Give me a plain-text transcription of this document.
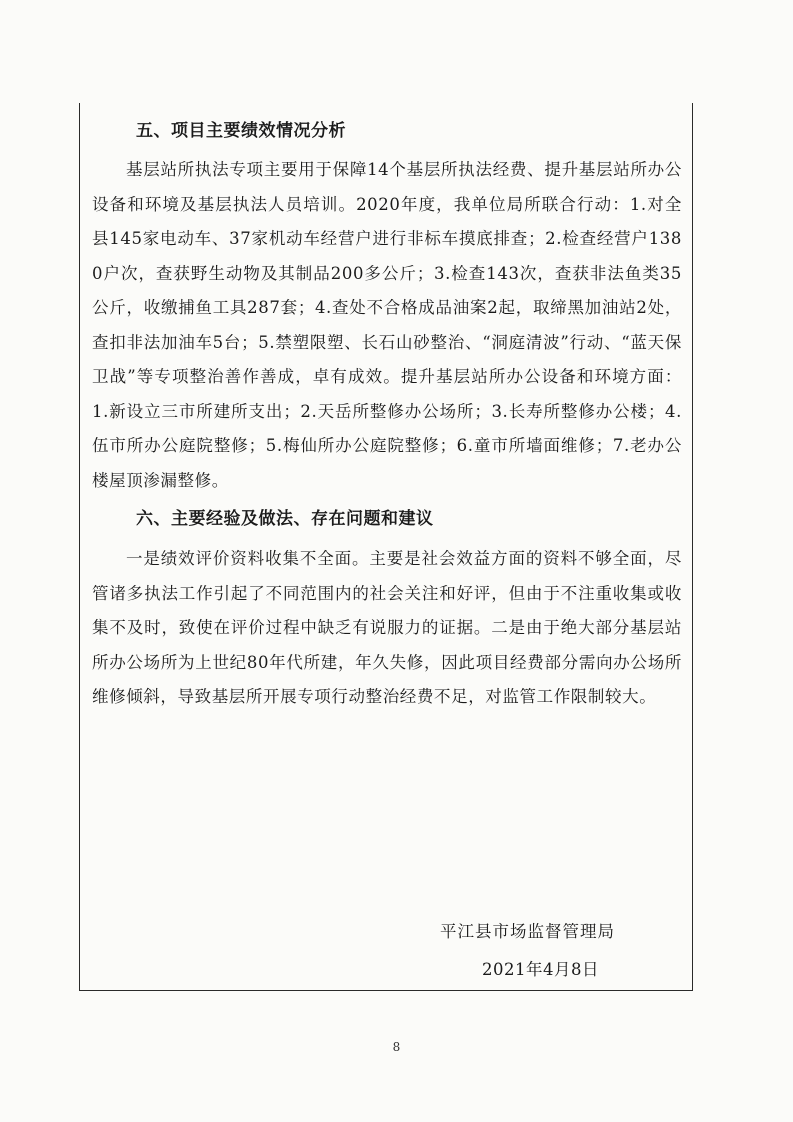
五、项目主要绩效情况分析

基层站所执法专项主要用于保障14个基层所执法经费、提升基层站所办公设备和环境及基层执法人员培训。2020年度，我单位局所联合行动：1.对全县145家电动车、37家机动车经营户进行非标车摸底排查；2.检查经营户1380户次，查获野生动物及其制品200多公斤；3.检查143次，查获非法鱼类35公斤，收缴捕鱼工具287套；4.查处不合格成品油案2起，取缔黑加油站2处，查扣非法加油车5台；5.禁塑限塑、长石山砂整治、“洞庭清波”行动、“蓝天保卫战”等专项整治善作善成，卓有成效。提升基层站所办公设备和环境方面：1.新设立三市所建所支出；2.天岳所整修办公场所；3.长寿所整修办公楼；4.伍市所办公庭院整修；5.梅仙所办公庭院整修；6.童市所墙面维修；7.老办公楼屋顶渗漏整修。

六、主要经验及做法、存在问题和建议

一是绩效评价资料收集不全面。主要是社会效益方面的资料不够全面，尽管诸多执法工作引起了不同范围内的社会关注和好评，但由于不注重收集或收集不及时，致使在评价过程中缺乏有说服力的证据。二是由于绝大部分基层站所办公场所为上世纪80年代所建，年久失修，因此项目经费部分需向办公场所维修倾斜，导致基层所开展专项行动整治经费不足，对监管工作限制较大。

平江县市场监督管理局
2021年4月8日
8
